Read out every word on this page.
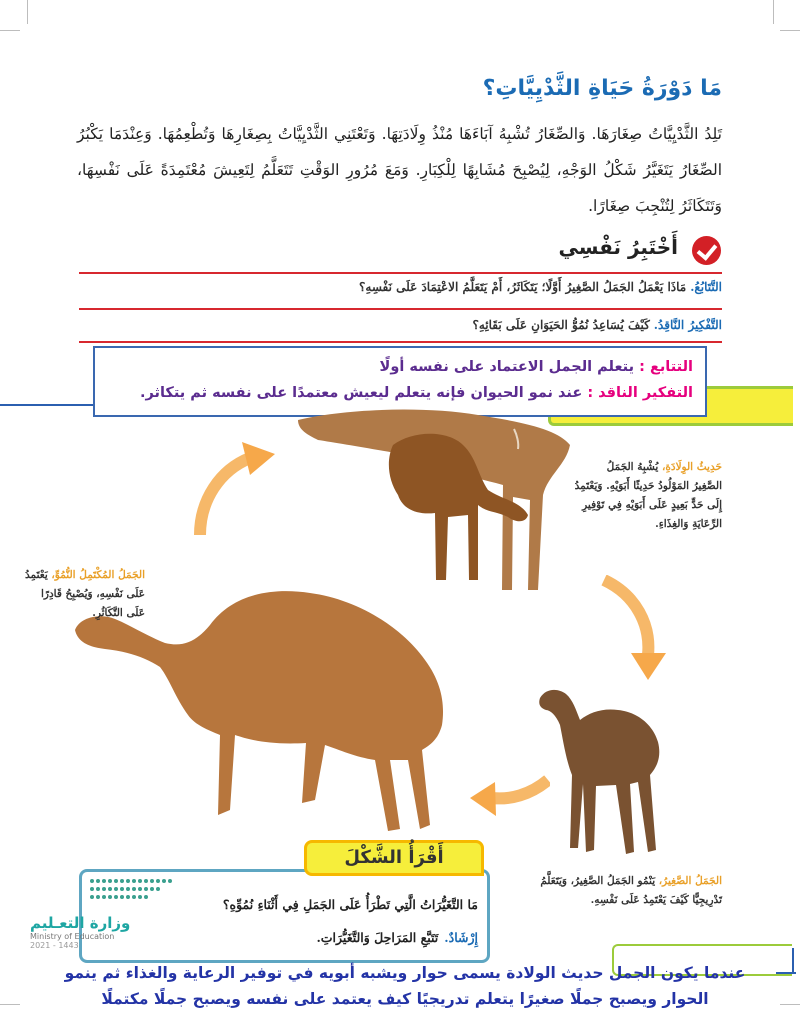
مَا دَوْرَةُ حَيَاةِ الثَّدْيِيَّاتِ؟
تَلِدُ الثَّدْيِيَّاتُ صِغَارَهَا. وَالصِّغَارُ تُشْبِهُ آبَاءَهَا مُنْذُ وِلَادَتِهَا. وَتَعْتَنِي الثَّدْيِيَّاتُ بِصِغَارِهَا وَتُطْعِمُهَا. وَعِنْدَمَا يَكْبُرُ الصِّغَارُ يَتَغَيَّرُ شَكْلُ الوَجْهِ، لِيُصْبِحَ مُشَابِهًا لِلْكِبَارِ. وَمَعَ مُرُورِ الوَقْتِ تَتَعَلَّمُ لِتَعِيشَ مُعْتَمِدَةً عَلَى نَفْسِهَا، وَتَتَكَاثَرُ لِتُنْجِبَ صِغَارًا.
أَخْتَبِرُ نَفْسِي
التَّتَابُعُ.مَاذَا يَعْمَلُ الجَمَلُ الصَّغِيرُ أَوَّلًا؛ يَتَكَاثَرُ، أَمْ يَتَعَلَّمُ الاعْتِمَادَ عَلَى نَفْسِهِ؟
التَّفْكِيرُ النَّاقِدُ.كَيْفَ يُسَاعِدُ نُمُوُّ الحَيَوَانِ عَلَى بَقَائِهِ؟
التتابع : يتعلم الجمل الاعتماد على نفسه أولًا
التفكير الناقد : عند نمو الحيوان فإنه يتعلم ليعيش معتمدًا على نفسه ثم يتكاثر.
حَدِيثُ الوِلَادَةِ، يُشْبِهُ الجَمَلُ الصَّغِيرُ المَوْلُودُ حَدِيثًا أَبَوَيْهِ. وَيَعْتَمِدُ إِلَى حَدٍّ بَعِيدٍ عَلَى أَبَوَيْهِ فِي تَوْفِيرِ الرِّعَايَةِ وَالغِذَاءِ.
الجَمَلُ المُكْتَمِلُ النُّمُوِّ، يَعْتَمِدُ عَلَى نَفْسِهِ، وَيُصْبِحُ قَادِرًا عَلَى التَّكَاثُرِ.
الجَمَلُ الصَّغِيرُ، يَنْمُو الجَمَلُ الصَّغِيرُ، وَيَتَعَلَّمُ تَدْرِيجِيًّا كَيْفَ يَعْتَمِدُ عَلَى نَفْسِهِ.
أَقْرَأُ الشَّكْلَ
مَا التَّغَيُّرَاتُ الَّتِي تَطْرَأُ عَلَى الجَمَلِ فِي أَثْنَاءِ نُمُوِّهِ؟
إِرْشَادٌ.تَتَبَّعِ المَرَاحِلَ وَالتَّغَيُّرَاتِ.
وزارة التعـليم
Ministry of Education
2021 - 1443
عندما يكون الجمل حديث الولادة يسمى حوار ويشبه أبويه في توفير الرعاية والغذاء ثم ينمو الحوار ويصبح جملًا صغيرًا يتعلم تدريجيًا كيف يعتمد على نفسه ويصبح جملًا مكتملًا
